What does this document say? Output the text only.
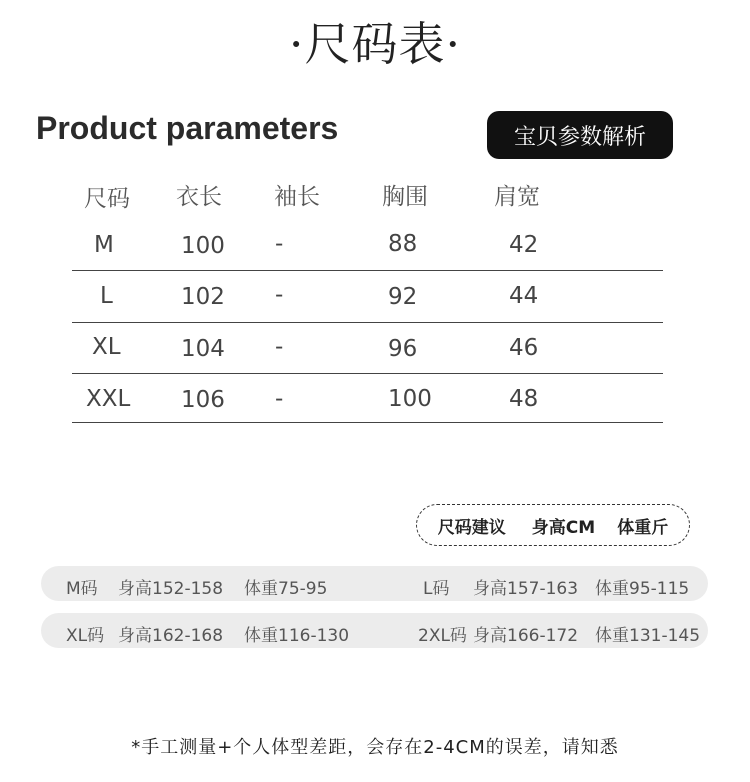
·尺码表·
Product parameters	宝贝参数解析
尺码 衣长 袖长	胸围	肩宽
M	100 -	88	42
L	102 -	92	44
XL	104 -	96	46
XXL 106 -	100	48
尺码建议 身高CM 体重斤
M码 身高152-158 体重75-95	L码 身高157-163 体重95-115
XL码 身高162-168 体重116-130	2XL码 身高166-172 体重131-145
*手工测量+个人体型差距，会存在2-4CM的误差，请知悉
